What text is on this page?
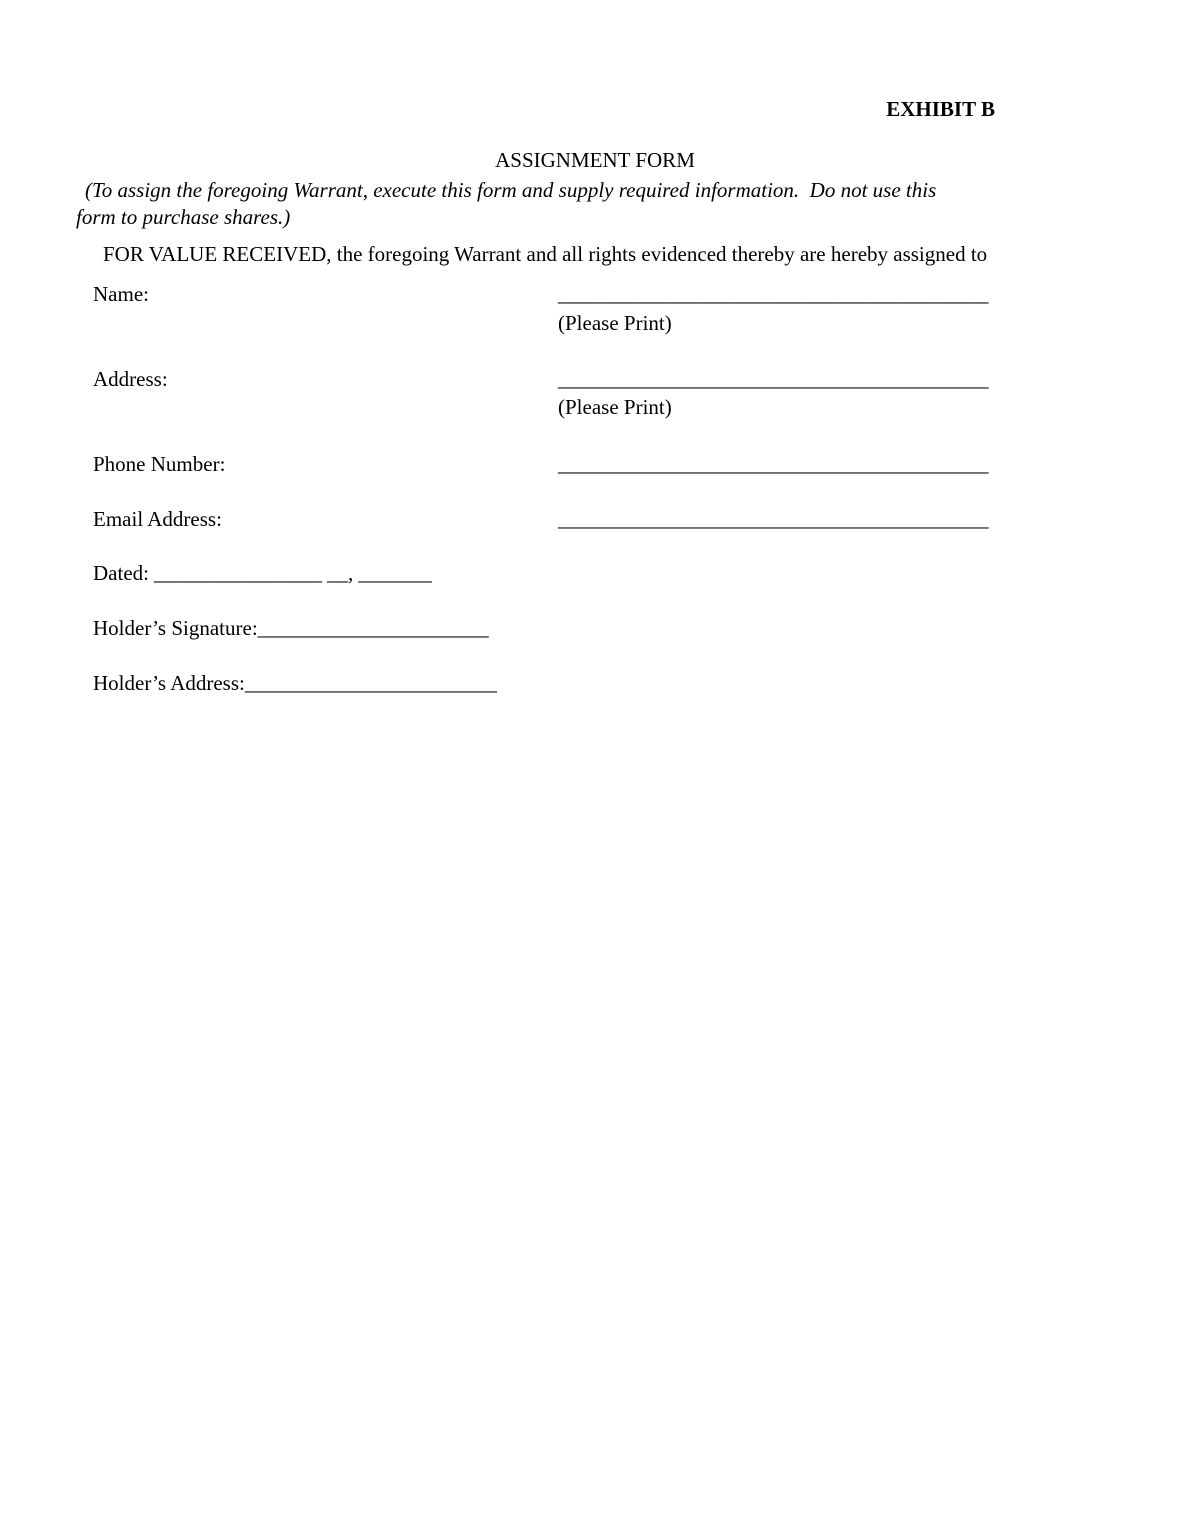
EXHIBIT B
ASSIGNMENT FORM
(To assign the foregoing Warrant, execute this form and supply required information.  Do not use this
form to purchase shares.)
FOR VALUE RECEIVED, the foregoing Warrant and all rights evidenced thereby are hereby assigned to
Name:	_________________________________________
(Please Print)
Address:	_________________________________________
(Please Print)
Phone Number:	_________________________________________
Email Address:	_________________________________________
Dated: ________________ __, _______
Holder’s Signature:______________________
Holder’s Address:________________________
